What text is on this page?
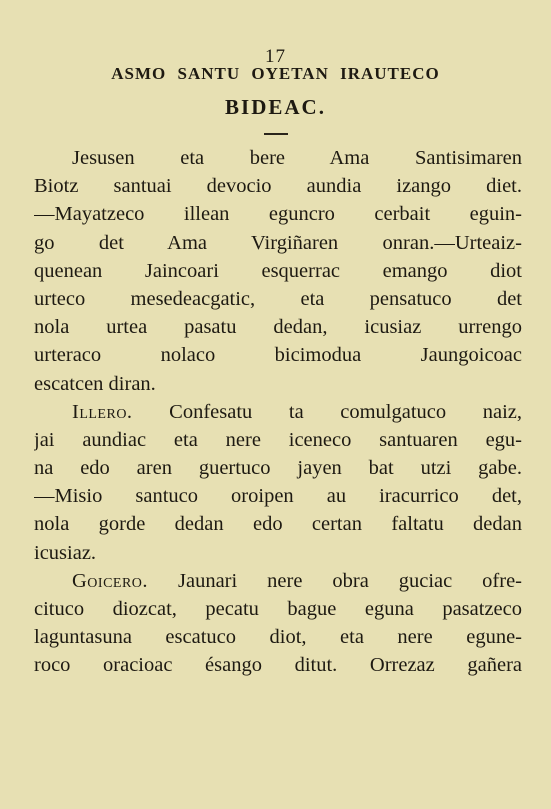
17
ASMO SANTU OYETAN IRAUTECO
BIDEAC.
Jesusen eta bere Ama Santisimaren
Biotz santuai devocio aundia izango diet.
—Mayatzeco illean eguncro cerbait eguin-
go det Ama Virgiñaren onran.—Urteaiz-
quenean Jaincoari esquerrac emango diot
urteco mesedeacgatic, eta pensatuco det
nola urtea pasatu dedan, icusiaz urrengo
urteraco nolaco bicimodua Jaungoicoac
escatcen diran.
Illero. Confesatu ta comulgatuco naiz,
jai aundiac eta nere iceneco santuaren egu-
na edo aren guertuco jayen bat utzi gabe.
—Misio santuco oroipen au iracurrico det,
nola gorde dedan edo certan faltatu dedan
icusiaz.
Goicero. Jaunari nere obra guciac ofre-
cituco diozcat, pecatu bague eguna pasatzeco
laguntasuna escatuco diot, eta nere egune-
roco oracioac ésango ditut. Orrezaz gañera
